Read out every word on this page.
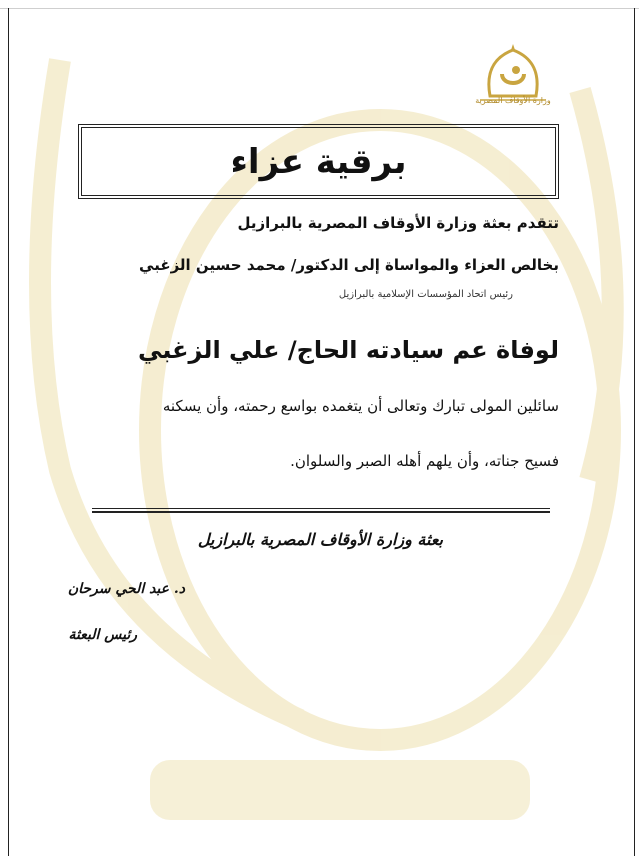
وزارة الأوقاف المصرية
برقية عزاء
تتقدم بعثة وزارة الأوقاف المصرية بالبرازيل
بخالص العزاء والمواساة إلى الدكتور/ محمد حسين الزغبي
رئيس اتحاد المؤسسات الإسلامية بالبرازيل
لوفاة عم سيادته الحاج/ علي الزغبي
سائلين المولى تبارك وتعالى أن يتغمده بواسع رحمته، وأن يسكنه
فسيح جناته، وأن يلهم أهله الصبر والسلوان.
بعثة وزارة الأوقاف المصرية بالبرازيل
د. عبد الحي سرحان
رئيس البعثة
